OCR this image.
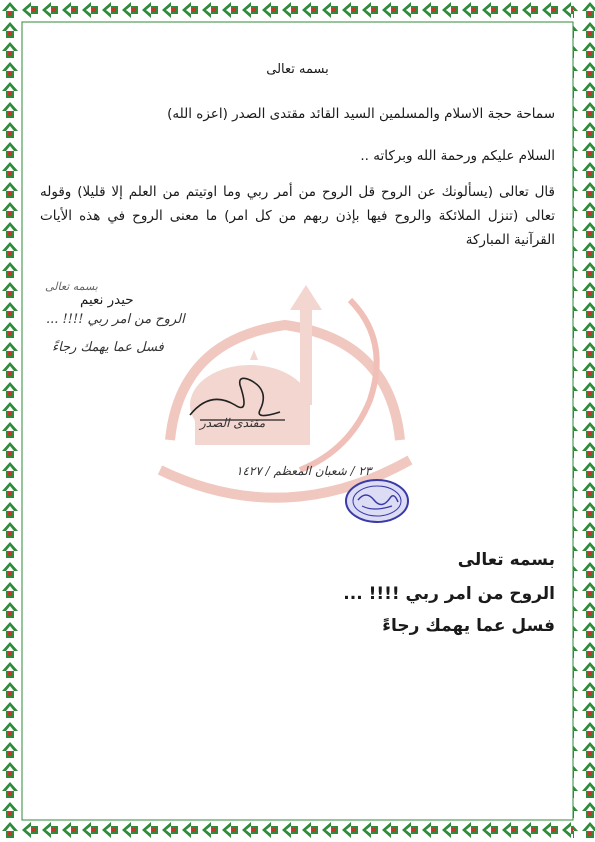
بسمه تعالى
سماحة حجة الاسلام والمسلمين السيد القائد مقتدى الصدر (اعزه الله)
السلام عليكم ورحمة الله وبركاته ..
قال تعالى (يسألونك عن الروح قل الروح من أمر ربي وما اوتيتم من العلم إلا قليلا) وقوله تعالى (تنزل الملائكة والروح فيها بإذن ربهم من كل امر) ما معنى الروح في هذه الأيات القرآنية المباركة
حيدر نعيم
بسمه تعالى
الروح من امر ربي !!!! ...
فسل عما يهمك رجاءً
مقتدى الصدر
٢٣ / شعبان المعظم / ١٤٢٧
بسمه تعالى
الروح من امر ربي !!!! ...
فسل عما يهمك رجاءً
